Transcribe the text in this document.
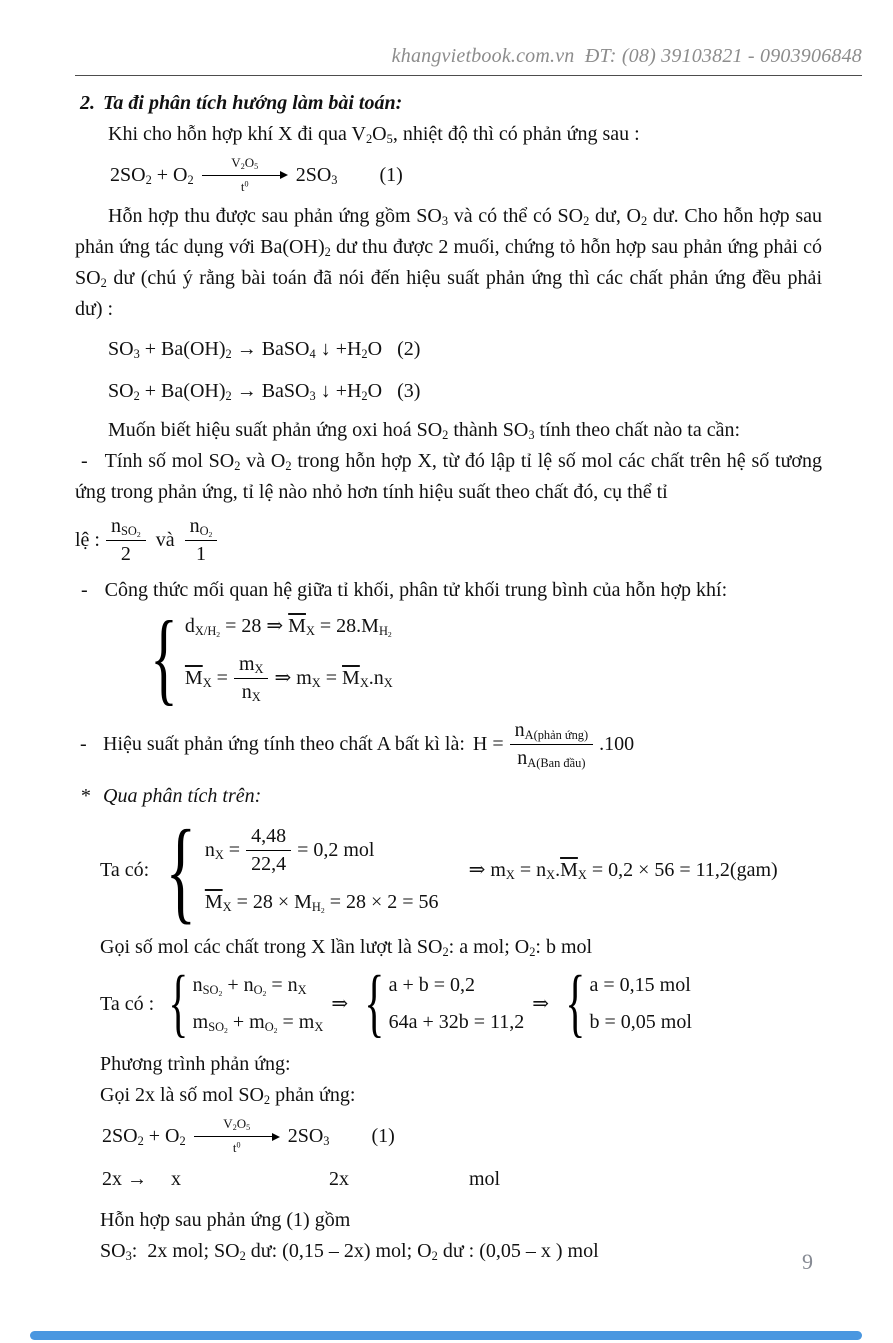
khangvietbook.com.vn  ĐT: (08) 39103821 - 0903906848
2. Ta đi phân tích hướng làm bài toán:

Khi cho hỗn hợp khí X đi qua $V_2O_5$, nhiệt độ thì có phản ứng sau :

$2SO_2 + O_2$
$V_2O_5$
$t^0$ $2SO_3$ (1)

Hỗn hợp thu được sau phản ứng gồm $SO_3$ và có thể có $SO_2$ dư, $O_2$ dư. Cho hỗn hợp sau phản ứng tác dụng với $Ba(OH)_2$ dư thu được 2 muối, chứng tỏ hỗn hợp sau phản ứng phải có $SO_2$ dư (chú ý rằng bài toán đã nói đến hiệu suất phản ứng thì các chất phản ứng đều phải dư) :

$SO_3 + Ba(OH)_2$ → BaSO$_4$ ↓ $+H_2O$   (2)

$SO_2 + Ba(OH)_2$ → BaSO$_3$ ↓ $+H_2O$   (3)

Muốn biết hiệu suất phản ứng oxi hoá $SO_2$ thành $SO_3$ tính theo chất nào ta cần:

- Tính số mol $SO_2$ và $O_2$ trong hỗn hợp X, từ đó lập tỉ lệ số mol các chất trên hệ số tương ứng trong phản ứng, tỉ lệ nào nhỏ hơn tính hiệu suất theo chất đó, cụ thể tỉ

lệ : $\frac{n_{SO_2}}{2}$ và $\frac{n_{O_2}}{1}$

- Công thức mối quan hệ giữa tỉ khối, phân tử khối trung bình của hỗn hợp khí:

{ $d_{X/H_2} = 28$ ⇒ $\overline{M}_X = 28.M_{H_2}$
$\overline{M}_X = \frac{m_X}{n_X}$ ⇒ $m_X = \overline{M}_X.n_X$
- Hiệu suất phản ứng tính theo chất A bất kì là: $H = \frac{n_{A(phản ứng)}}{n_{A(Ban đầu)}} .100$
* Qua phân tích trên:
Ta có: { $n_X = \frac{4,48}{22,4} = 0,2$ mol
$\overline{M}_X = 28 \times M_{H_2} = 28 \times 2 = 56$
⇒ $m_X = n_X.\overline{M}_X = 0,2 \times 56 = 11,2(gam)$

Gọi số mol các chất trong X lần lượt là $SO_2$: a mol; $O_2$: b mol

Ta có : { $n_{SO_2} + n_{O_2} = n_X$
$m_{SO_2} + m_{O_2} = m_X$
⇒ { a + b = 0,2
64a + 32b = 11,2
⇒ { a = 0,15 mol
b = 0,05 mol

Phương trình phản ứng:

Gọi 2x là số mol $SO_2$ phản ứng:

$2SO_2 + O_2$
$V_2O_5$
$t^0$ $2SO_3$ (1)
2x → x	2x	mol

Hỗn hợp sau phản ứng (1) gồm

$SO_3$:  2x mol; $SO_2$ dư: (0,15 – 2x) mol; $O_2$ dư : (0,05 – x ) mol	9
